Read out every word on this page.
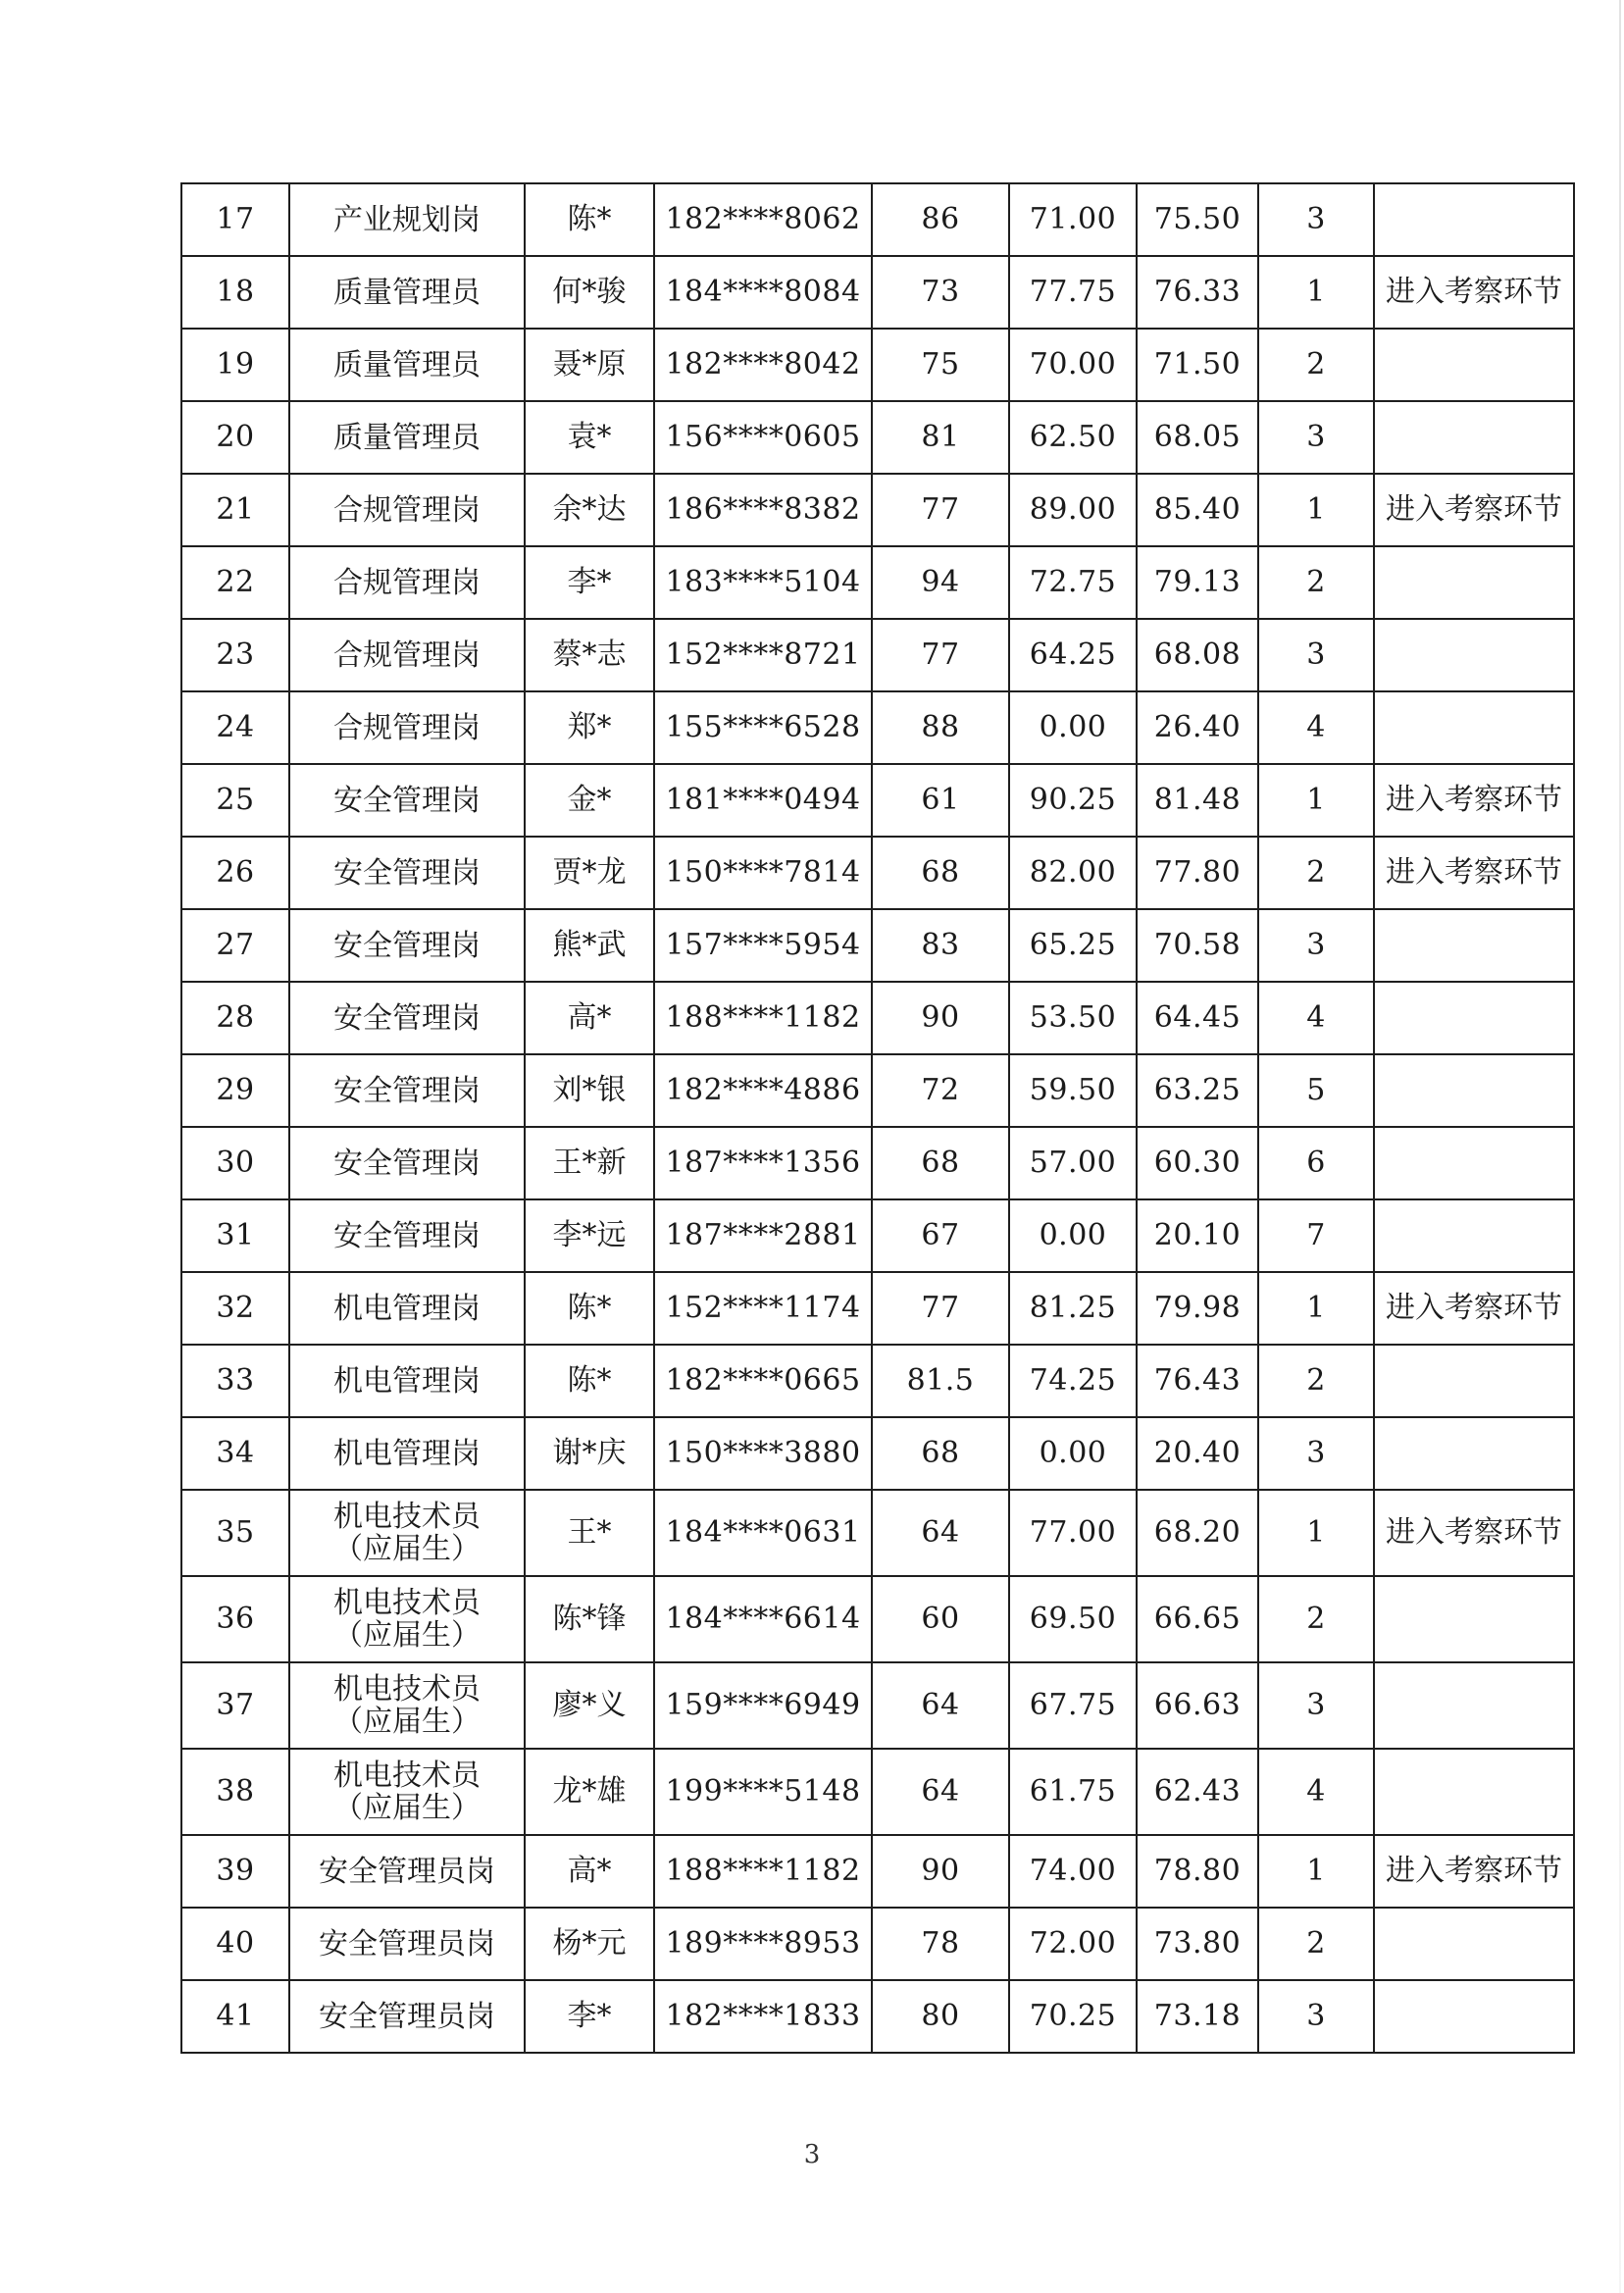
17	产业规划岗	陈*	182****8062	86	71.00	75.50	3	
18	质量管理员	何*骏	184****8084	73	77.75	76.33	1	进入考察环节
19	质量管理员	聂*原	182****8042	75	70.00	71.50	2	
20	质量管理员	袁*	156****0605	81	62.50	68.05	3	
21	合规管理岗	余*达	186****8382	77	89.00	85.40	1	进入考察环节
22	合规管理岗	李*	183****5104	94	72.75	79.13	2	
23	合规管理岗	蔡*志	152****8721	77	64.25	68.08	3	
24	合规管理岗	郑*	155****6528	88	0.00	26.40	4	
25	安全管理岗	金*	181****0494	61	90.25	81.48	1	进入考察环节
26	安全管理岗	贾*龙	150****7814	68	82.00	77.80	2	进入考察环节
27	安全管理岗	熊*武	157****5954	83	65.25	70.58	3	
28	安全管理岗	高*	188****1182	90	53.50	64.45	4	
29	安全管理岗	刘*银	182****4886	72	59.50	63.25	5	
30	安全管理岗	王*新	187****1356	68	57.00	60.30	6	
31	安全管理岗	李*远	187****2881	67	0.00	20.10	7	
32	机电管理岗	陈*	152****1174	77	81.25	79.98	1	进入考察环节
33	机电管理岗	陈*	182****0665	81.5	74.25	76.43	2	
34	机电管理岗	谢*庆	150****3880	68	0.00	20.40	3	
35	机电技术员
（应届生）	王*	184****0631	64	77.00	68.20	1	进入考察环节
36	机电技术员
（应届生）	陈*锋	184****6614	60	69.50	66.65	2	
37	机电技术员
（应届生）	廖*义	159****6949	64	67.75	66.63	3	
38	机电技术员
（应届生）	龙*雄	199****5148	64	61.75	62.43	4	
39	安全管理员岗	高*	188****1182	90	74.00	78.80	1	进入考察环节
40	安全管理员岗	杨*元	189****8953	78	72.00	73.80	2	
41	安全管理员岗	李*	182****1833	80	70.25	73.18	3	
3
